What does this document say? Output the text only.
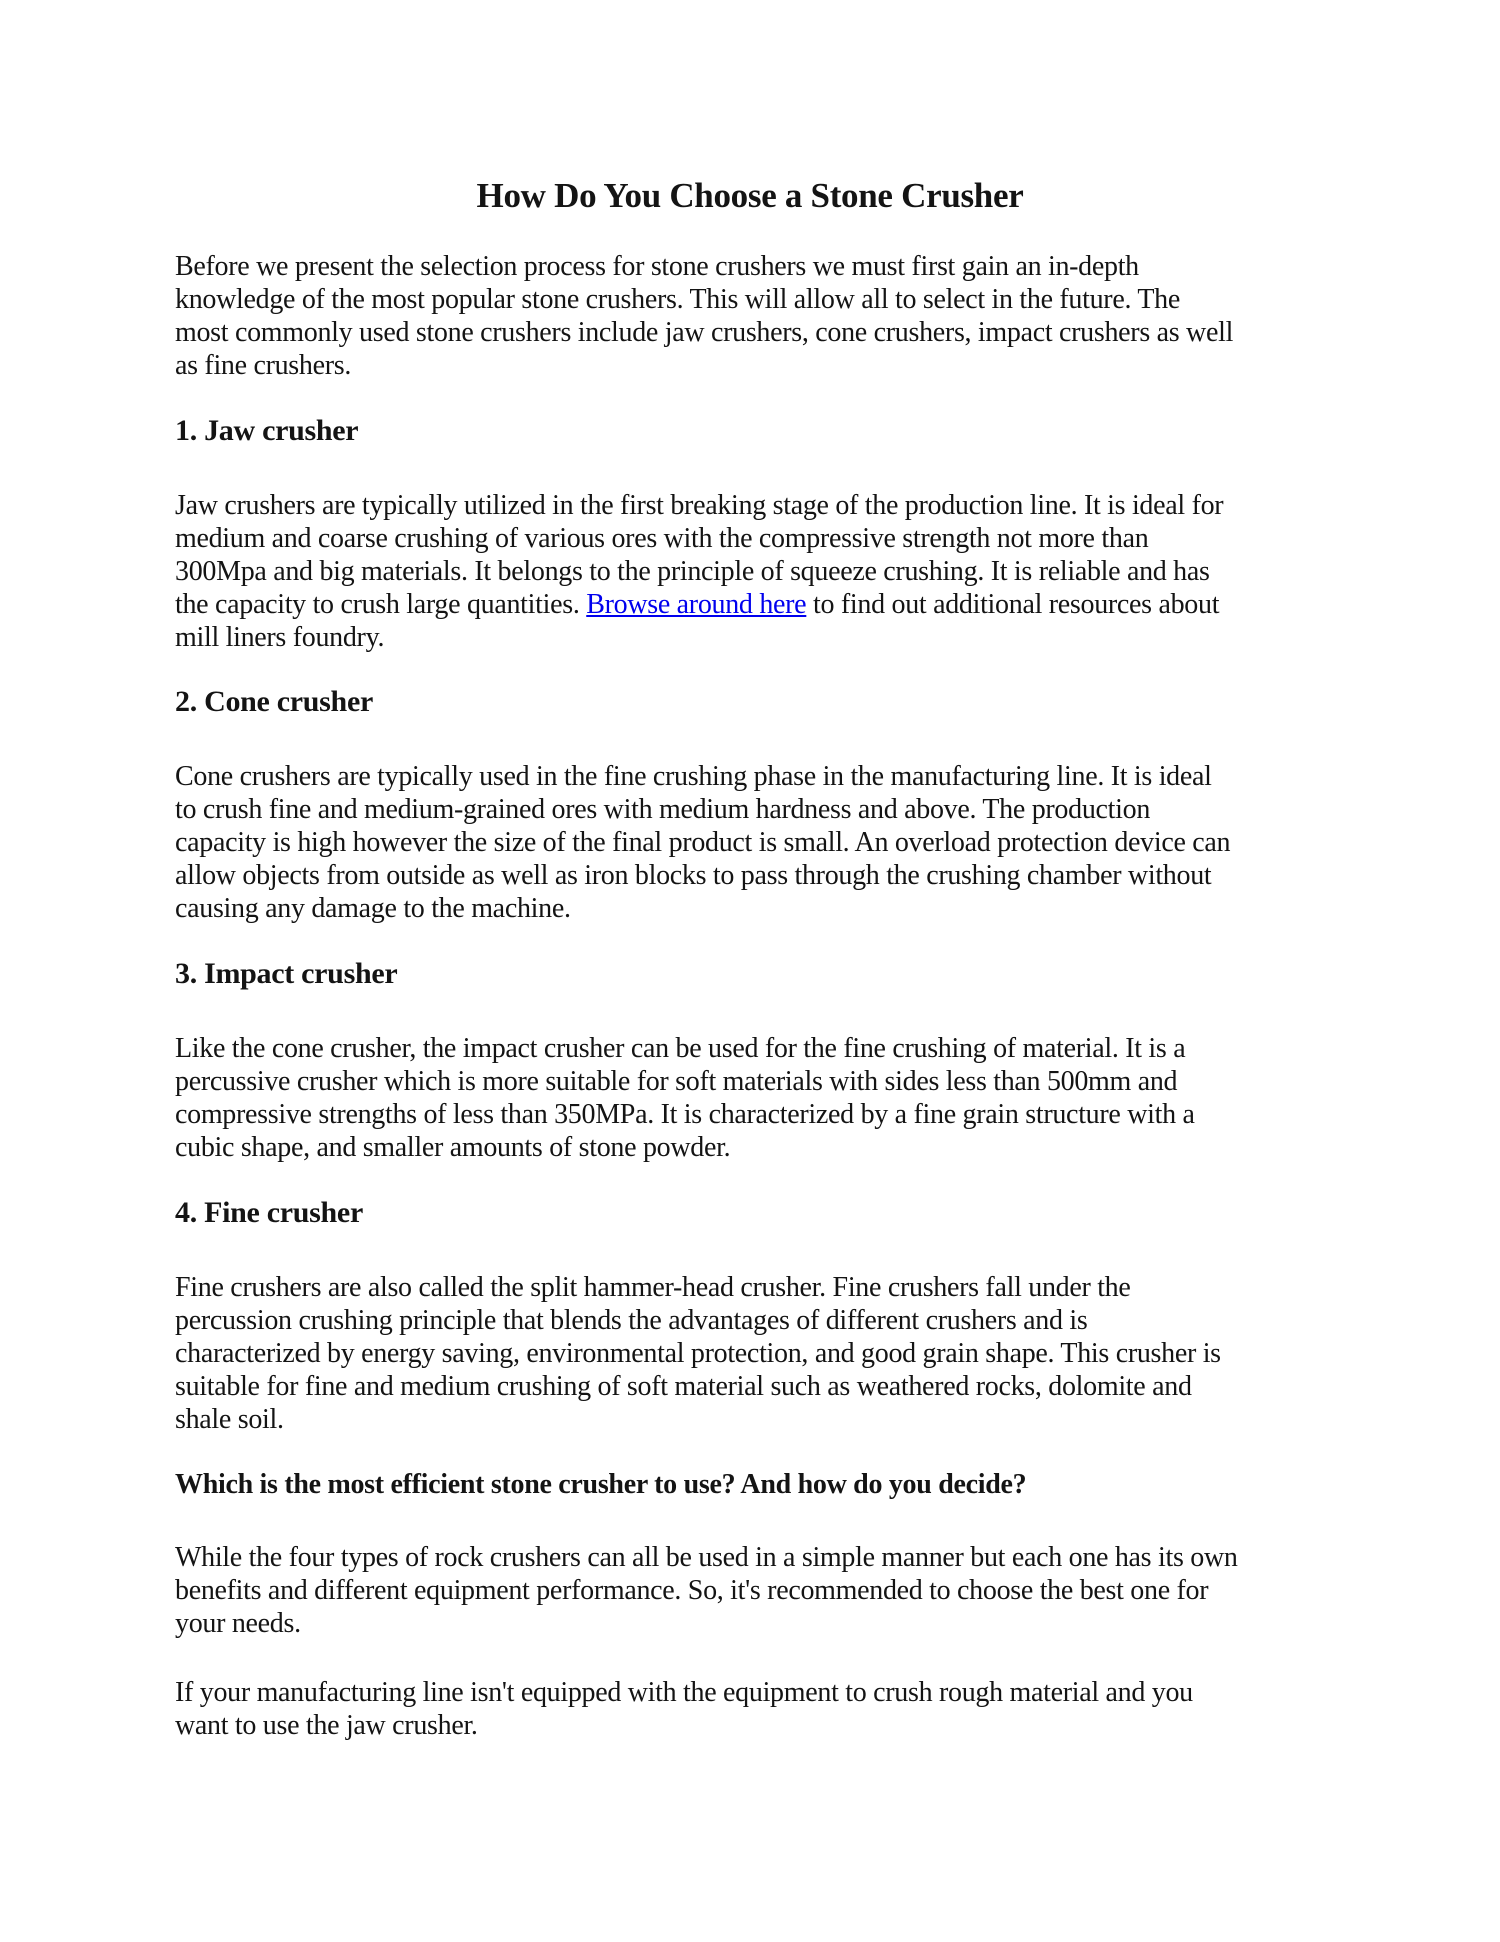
How Do You Choose a Stone Crusher
Before we present the selection process for stone crushers we must first gain an in-depth
knowledge of the most popular stone crushers. This will allow all to select in the future. The
most commonly used stone crushers include jaw crushers, cone crushers, impact crushers as well
as fine crushers.
1. Jaw crusher
Jaw crushers are typically utilized in the first breaking stage of the production line. It is ideal for
medium and coarse crushing of various ores with the compressive strength not more than
300Mpa and big materials. It belongs to the principle of squeeze crushing. It is reliable and has
the capacity to crush large quantities. Browse around here to find out additional resources about
mill liners foundry.
2. Cone crusher
Cone crushers are typically used in the fine crushing phase in the manufacturing line. It is ideal
to crush fine and medium-grained ores with medium hardness and above. The production
capacity is high however the size of the final product is small. An overload protection device can
allow objects from outside as well as iron blocks to pass through the crushing chamber without
causing any damage to the machine.
3. Impact crusher
Like the cone crusher, the impact crusher can be used for the fine crushing of material. It is a
percussive crusher which is more suitable for soft materials with sides less than 500mm and
compressive strengths of less than 350MPa. It is characterized by a fine grain structure with a
cubic shape, and smaller amounts of stone powder.
4. Fine crusher
Fine crushers are also called the split hammer-head crusher. Fine crushers fall under the
percussion crushing principle that blends the advantages of different crushers and is
characterized by energy saving, environmental protection, and good grain shape. This crusher is
suitable for fine and medium crushing of soft material such as weathered rocks, dolomite and
shale soil.
Which is the most efficient stone crusher to use? And how do you decide?
While the four types of rock crushers can all be used in a simple manner but each one has its own
benefits and different equipment performance. So, it's recommended to choose the best one for
your needs.
If your manufacturing line isn't equipped with the equipment to crush rough material and you
want to use the jaw crusher.
